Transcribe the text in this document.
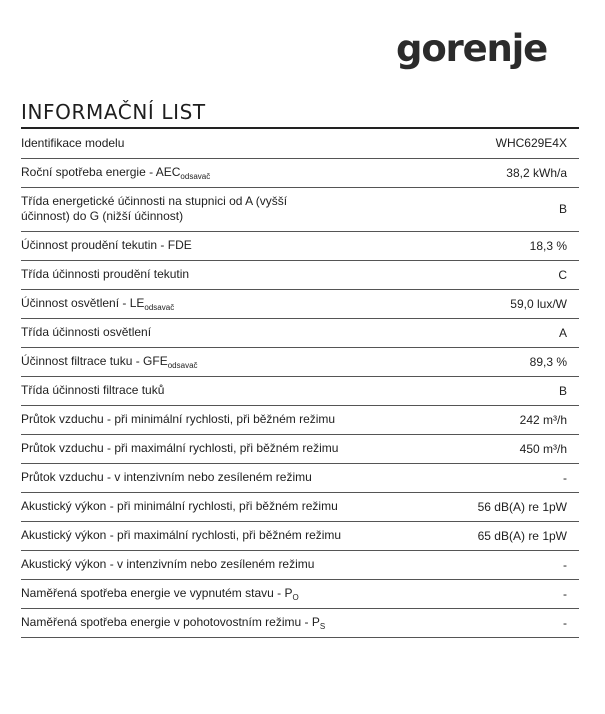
gorenje
INFORMAČNÍ LIST
Identifikace modelu	WHC629E4X
Roční spotřeba energie - $AEC_{odsavač}$	38,2 kWh/a
Třída energetické účinnosti na stupnici od A (vyšší účinnost) do G (nižší účinnost)	B
Účinnost proudění tekutin - FDE	18,3 %
Třída účinnosti proudění tekutin	C
Účinnost osvětlení - $LE_{odsavač}$	59,0 lux/W
Třída účinnosti osvětlení	A
Účinnost filtrace tuku - $GFE_{odsavač}$	89,3 %
Třída účinnosti filtrace tuků	B
Průtok vzduchu - při minimální rychlosti, při běžném režimu	242 m³/h
Průtok vzduchu - při maximální rychlosti, při běžném režimu	450 m³/h
Průtok vzduchu - v intenzivním nebo zesíleném režimu	-
Akustický výkon - při minimální rychlosti, při běžném režimu	56 dB(A) re 1pW
Akustický výkon - při maximální rychlosti, při běžném režimu	65 dB(A) re 1pW
Akustický výkon - v intenzivním nebo zesíleném režimu	-
Naměřená spotřeba energie ve vypnutém stavu - $P_O$	-
Naměřená spotřeba energie v pohotovostním režimu - $P_S$	-
